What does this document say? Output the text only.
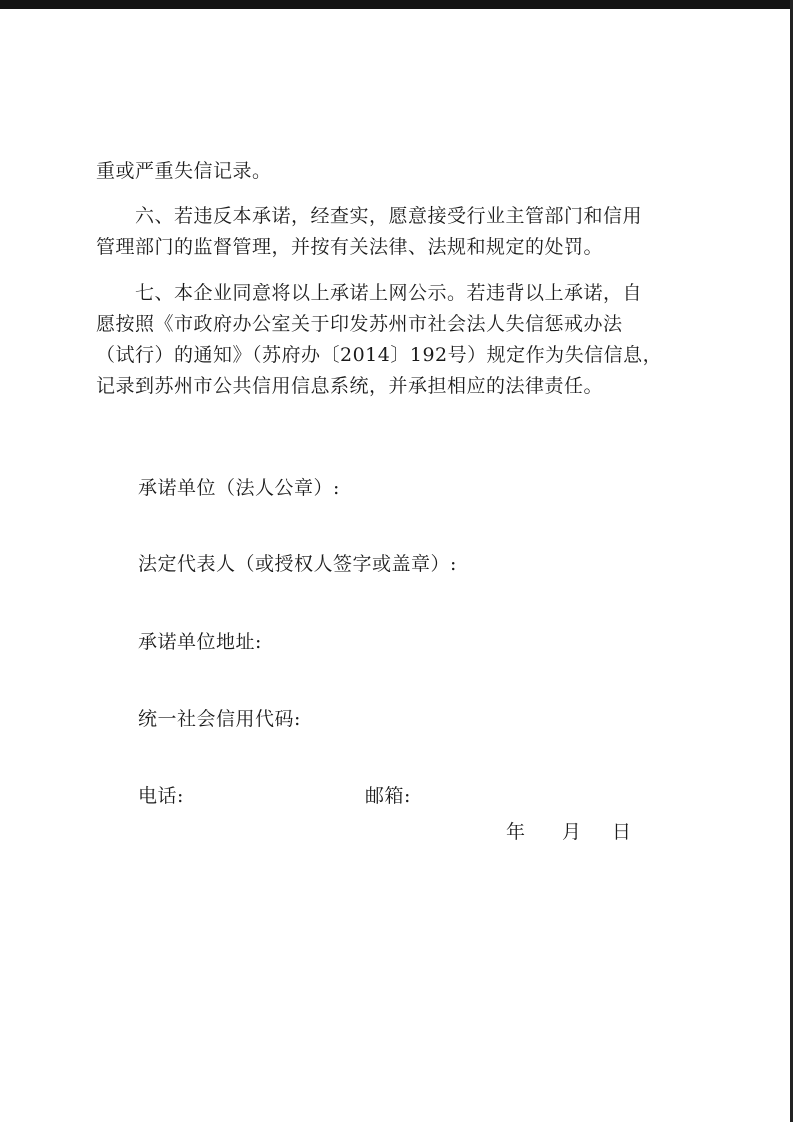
重或严重失信记录。

　　六、若违反本承诺，经查实，愿意接受行业主管部门和信用
管理部门的监督管理，并按有关法律、法规和规定的处罚。

　　七、本企业同意将以上承诺上网公示。若违背以上承诺，自
愿按照《市政府办公室关于印发苏州市社会法人失信惩戒办法
（试行）的通知》（苏府办〔2014〕192号）规定作为失信信息，
记录到苏州市公共信用信息系统，并承担相应的法律责任。

承诺单位（法人公章）:
法定代表人（或授权人签字或盖章）:
承诺单位地址:
统一社会信用代码:
电话:	邮箱:
年 月 日
